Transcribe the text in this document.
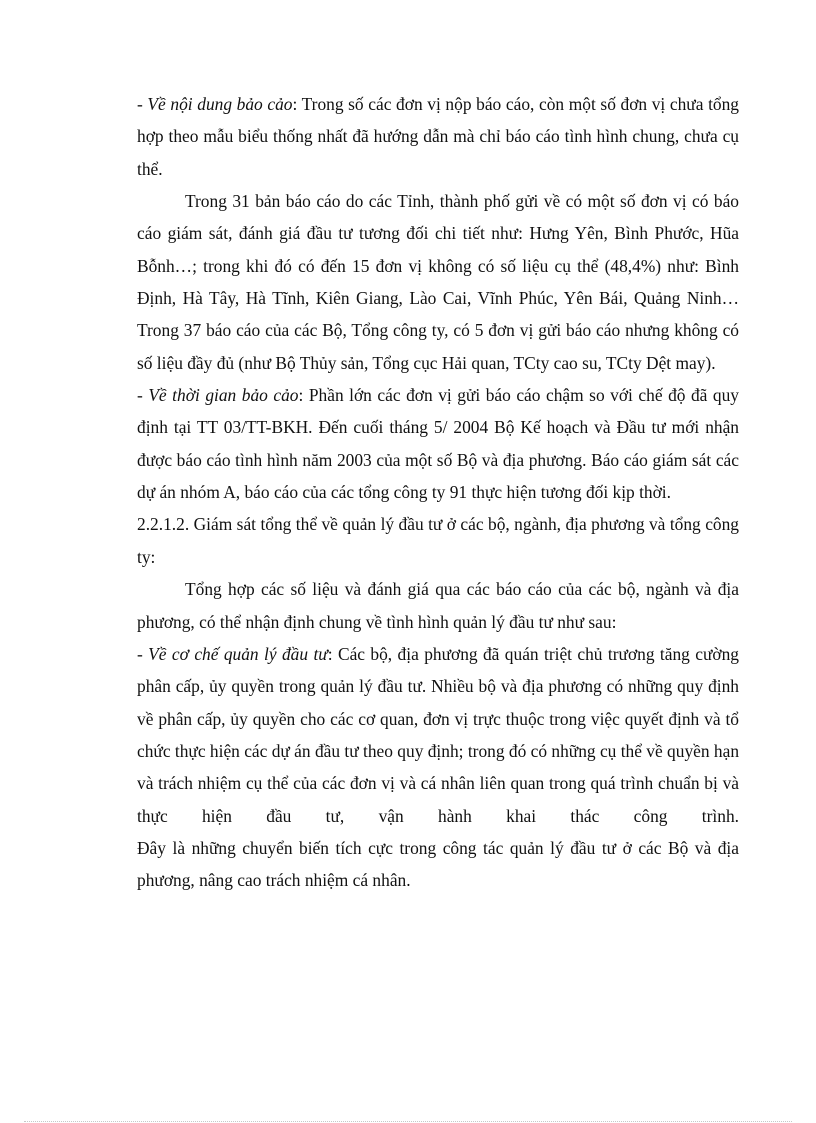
- Về nội dung bảo cảo: Trong số các đơn vị nộp báo cáo, còn một số đơn vị chưa tổng hợp theo mẫu biểu thống nhất đã hướng dẫn mà chỉ báo cáo tình hình chung, chưa cụ thể.

Trong 31 bản báo cáo do các Tỉnh, thành phố gửi về có một số đơn vị có báo cáo giám sát, đánh giá đầu tư tương đối chi tiết như: Hưng Yên, Bình Phước, Hũa Bỗnh…; trong khi đó có đến 15 đơn vị không có số liệu cụ thể (48,4%) như: Bình Định, Hà Tây, Hà Tĩnh, Kiên Giang, Lào Cai, Vĩnh Phúc, Yên Bái, Quảng Ninh…Trong 37 báo cáo của các Bộ, Tổng công ty, có 5 đơn vị gửi báo cáo nhưng không có số liệu đầy đủ (như Bộ Thủy sản, Tổng cục Hải quan, TCty cao su, TCty Dệt may).

- Về thời gian bảo cảo: Phần lớn các đơn vị gửi báo cáo chậm so với chế độ đã quy định tại TT 03/TT-BKH. Đến cuối tháng 5/ 2004 Bộ Kế hoạch và Đầu tư mới nhận được báo cáo tình hình năm 2003 của một số Bộ và địa phương. Báo cáo giám sát các dự án nhóm A, báo cáo của các tổng công ty 91 thực hiện tương đối kịp thời.

2.2.1.2. Giám sát tổng thể về quản lý đầu tư ở các bộ, ngành, địa phương và tổng công ty:

Tổng hợp các số liệu và đánh giá qua các báo cáo của các bộ, ngành và địa phương, có thể nhận định chung về tình hình quản lý đầu tư như sau:

- Về cơ chế quản lý đầu tư: Các bộ, địa phương đã quán triệt chủ trương tăng cường phân cấp, ủy quyền trong quản lý đầu tư. Nhiều bộ và địa phương có những quy định về phân cấp, ủy quyền cho các cơ quan, đơn vị trực thuộc trong việc quyết định và tổ chức thực hiện các dự án đầu tư theo quy định; trong đó có những cụ thể về quyền hạn và trách nhiệm cụ thể của các đơn vị và cá nhân liên quan trong quá trình chuẩn bị và thực hiện đầu tư, vận hành khai thác công trình.

Đây là những chuyển biến tích cực trong công tác quản lý đầu tư ở các Bộ và địa phương, nâng cao trách nhiệm cá nhân.
